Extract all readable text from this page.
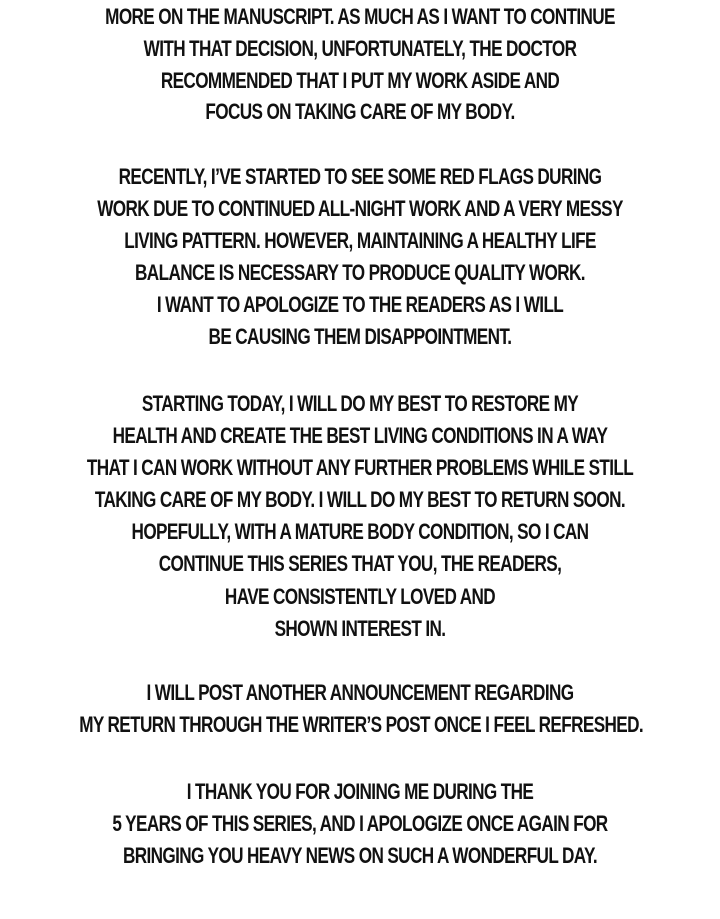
MORE ON THE MANUSCRIPT. AS MUCH AS I WANT TO CONTINUE
WITH THAT DECISION, UNFORTUNATELY, THE DOCTOR
RECOMMENDED THAT I PUT MY WORK ASIDE AND
FOCUS ON TAKING CARE OF MY BODY.
RECENTLY, I’VE STARTED TO SEE SOME RED FLAGS DURING
WORK DUE TO CONTINUED ALL-NIGHT WORK AND A VERY MESSY
LIVING PATTERN. HOWEVER, MAINTAINING A HEALTHY LIFE
BALANCE IS NECESSARY TO PRODUCE QUALITY WORK.
I WANT TO APOLOGIZE TO THE READERS AS I WILL
BE CAUSING THEM DISAPPOINTMENT.
STARTING TODAY, I WILL DO MY BEST TO RESTORE MY
HEALTH AND CREATE THE BEST LIVING CONDITIONS IN A WAY
THAT I CAN WORK WITHOUT ANY FURTHER PROBLEMS WHILE STILL
TAKING CARE OF MY BODY. I WILL DO MY BEST TO RETURN SOON.
HOPEFULLY, WITH A MATURE BODY CONDITION, SO I CAN
CONTINUE THIS SERIES THAT YOU, THE READERS,
HAVE CONSISTENTLY LOVED AND
SHOWN INTEREST IN.
I WILL POST ANOTHER ANNOUNCEMENT REGARDING
MY RETURN THROUGH THE WRITER’S POST ONCE I FEEL REFRESHED.
I THANK YOU FOR JOINING ME DURING THE
5 YEARS OF THIS SERIES, AND I APOLOGIZE ONCE AGAIN FOR
BRINGING YOU HEAVY NEWS ON SUCH A WONDERFUL DAY.
